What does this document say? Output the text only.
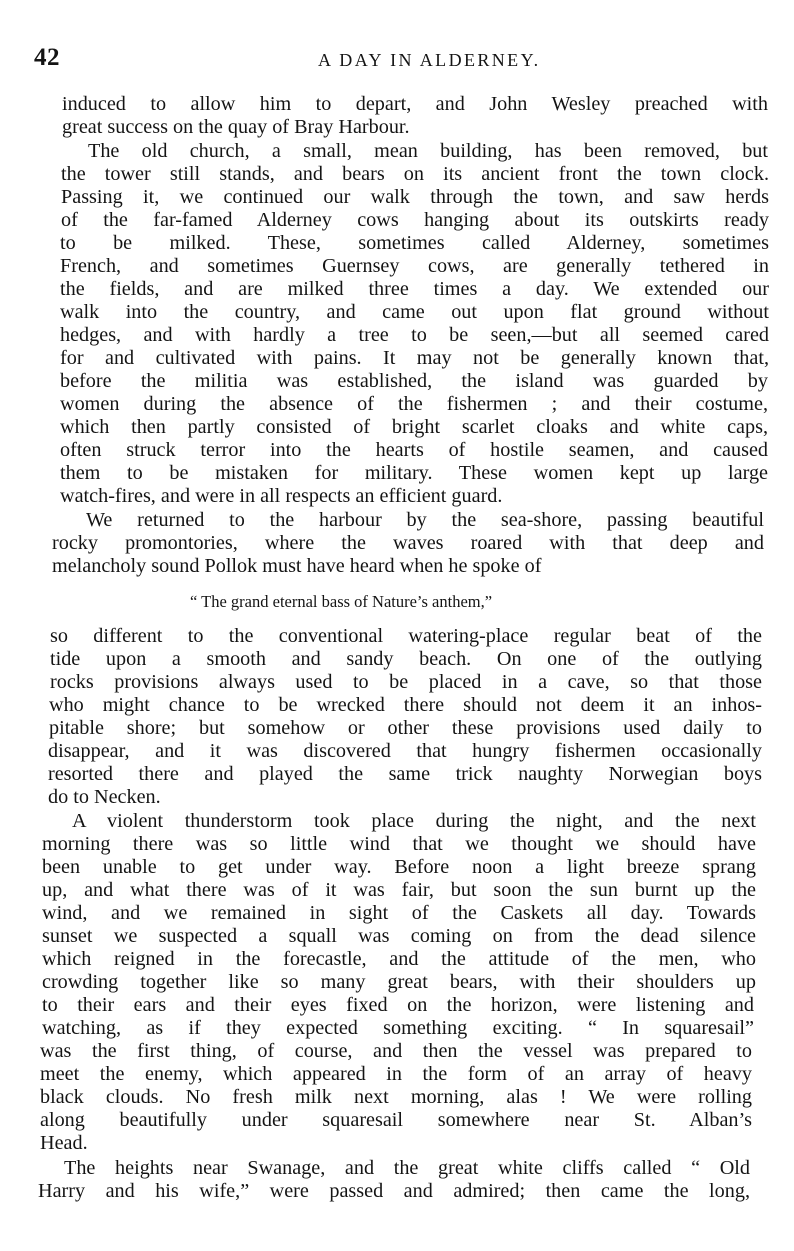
42	A DAY IN ALDERNEY.
induced to allow him to depart, and John Wesley preached with
great success on the quay of Bray Harbour.
The old church, a small, mean building, has been removed, but
the tower still stands, and bears on its ancient front the town clock.
Passing it, we continued our walk through the town, and saw herds
of the far-famed Alderney cows hanging about its outskirts ready
to be milked. These, sometimes called Alderney, sometimes
French, and sometimes Guernsey cows, are generally tethered in
the fields, and are milked three times a day. We extended our
walk into the country, and came out upon flat ground without
hedges, and with hardly a tree to be seen,—but all seemed cared
for and cultivated with pains. It may not be generally known that,
before the militia was established, the island was guarded by
women during the absence of the fishermen ; and their costume,
which then partly consisted of bright scarlet cloaks and white caps,
often struck terror into the hearts of hostile seamen, and caused
them to be mistaken for military. These women kept up large
watch-fires, and were in all respects an efficient guard.
We returned to the harbour by the sea-shore, passing beautiful
rocky promontories, where the waves roared with that deep and
melancholy sound Pollok must have heard when he spoke of
“ The grand eternal bass of Nature’s anthem,”
so different to the conventional watering-place regular beat of the
tide upon a smooth and sandy beach. On one of the outlying
rocks provisions always used to be placed in a cave, so that those
who might chance to be wrecked there should not deem it an inhos-
pitable shore; but somehow or other these provisions used daily to
disappear, and it was discovered that hungry fishermen occasionally
resorted there and played the same trick naughty Norwegian boys
do to Necken.
A violent thunderstorm took place during the night, and the next
morning there was so little wind that we thought we should have
been unable to get under way. Before noon a light breeze sprang
up, and what there was of it was fair, but soon the sun burnt up the
wind, and we remained in sight of the Caskets all day. Towards
sunset we suspected a squall was coming on from the dead silence
which reigned in the forecastle, and the attitude of the men, who
crowding together like so many great bears, with their shoulders up
to their ears and their eyes fixed on the horizon, were listening and
watching, as if they expected something exciting. “ In squaresail”
was the first thing, of course, and then the vessel was prepared to
meet the enemy, which appeared in the form of an array of heavy
black clouds. No fresh milk next morning, alas ! We were rolling
along beautifully under squaresail somewhere near St. Alban’s
Head.
The heights near Swanage, and the great white cliffs called “ Old
Harry and his wife,” were passed and admired; then came the long,
